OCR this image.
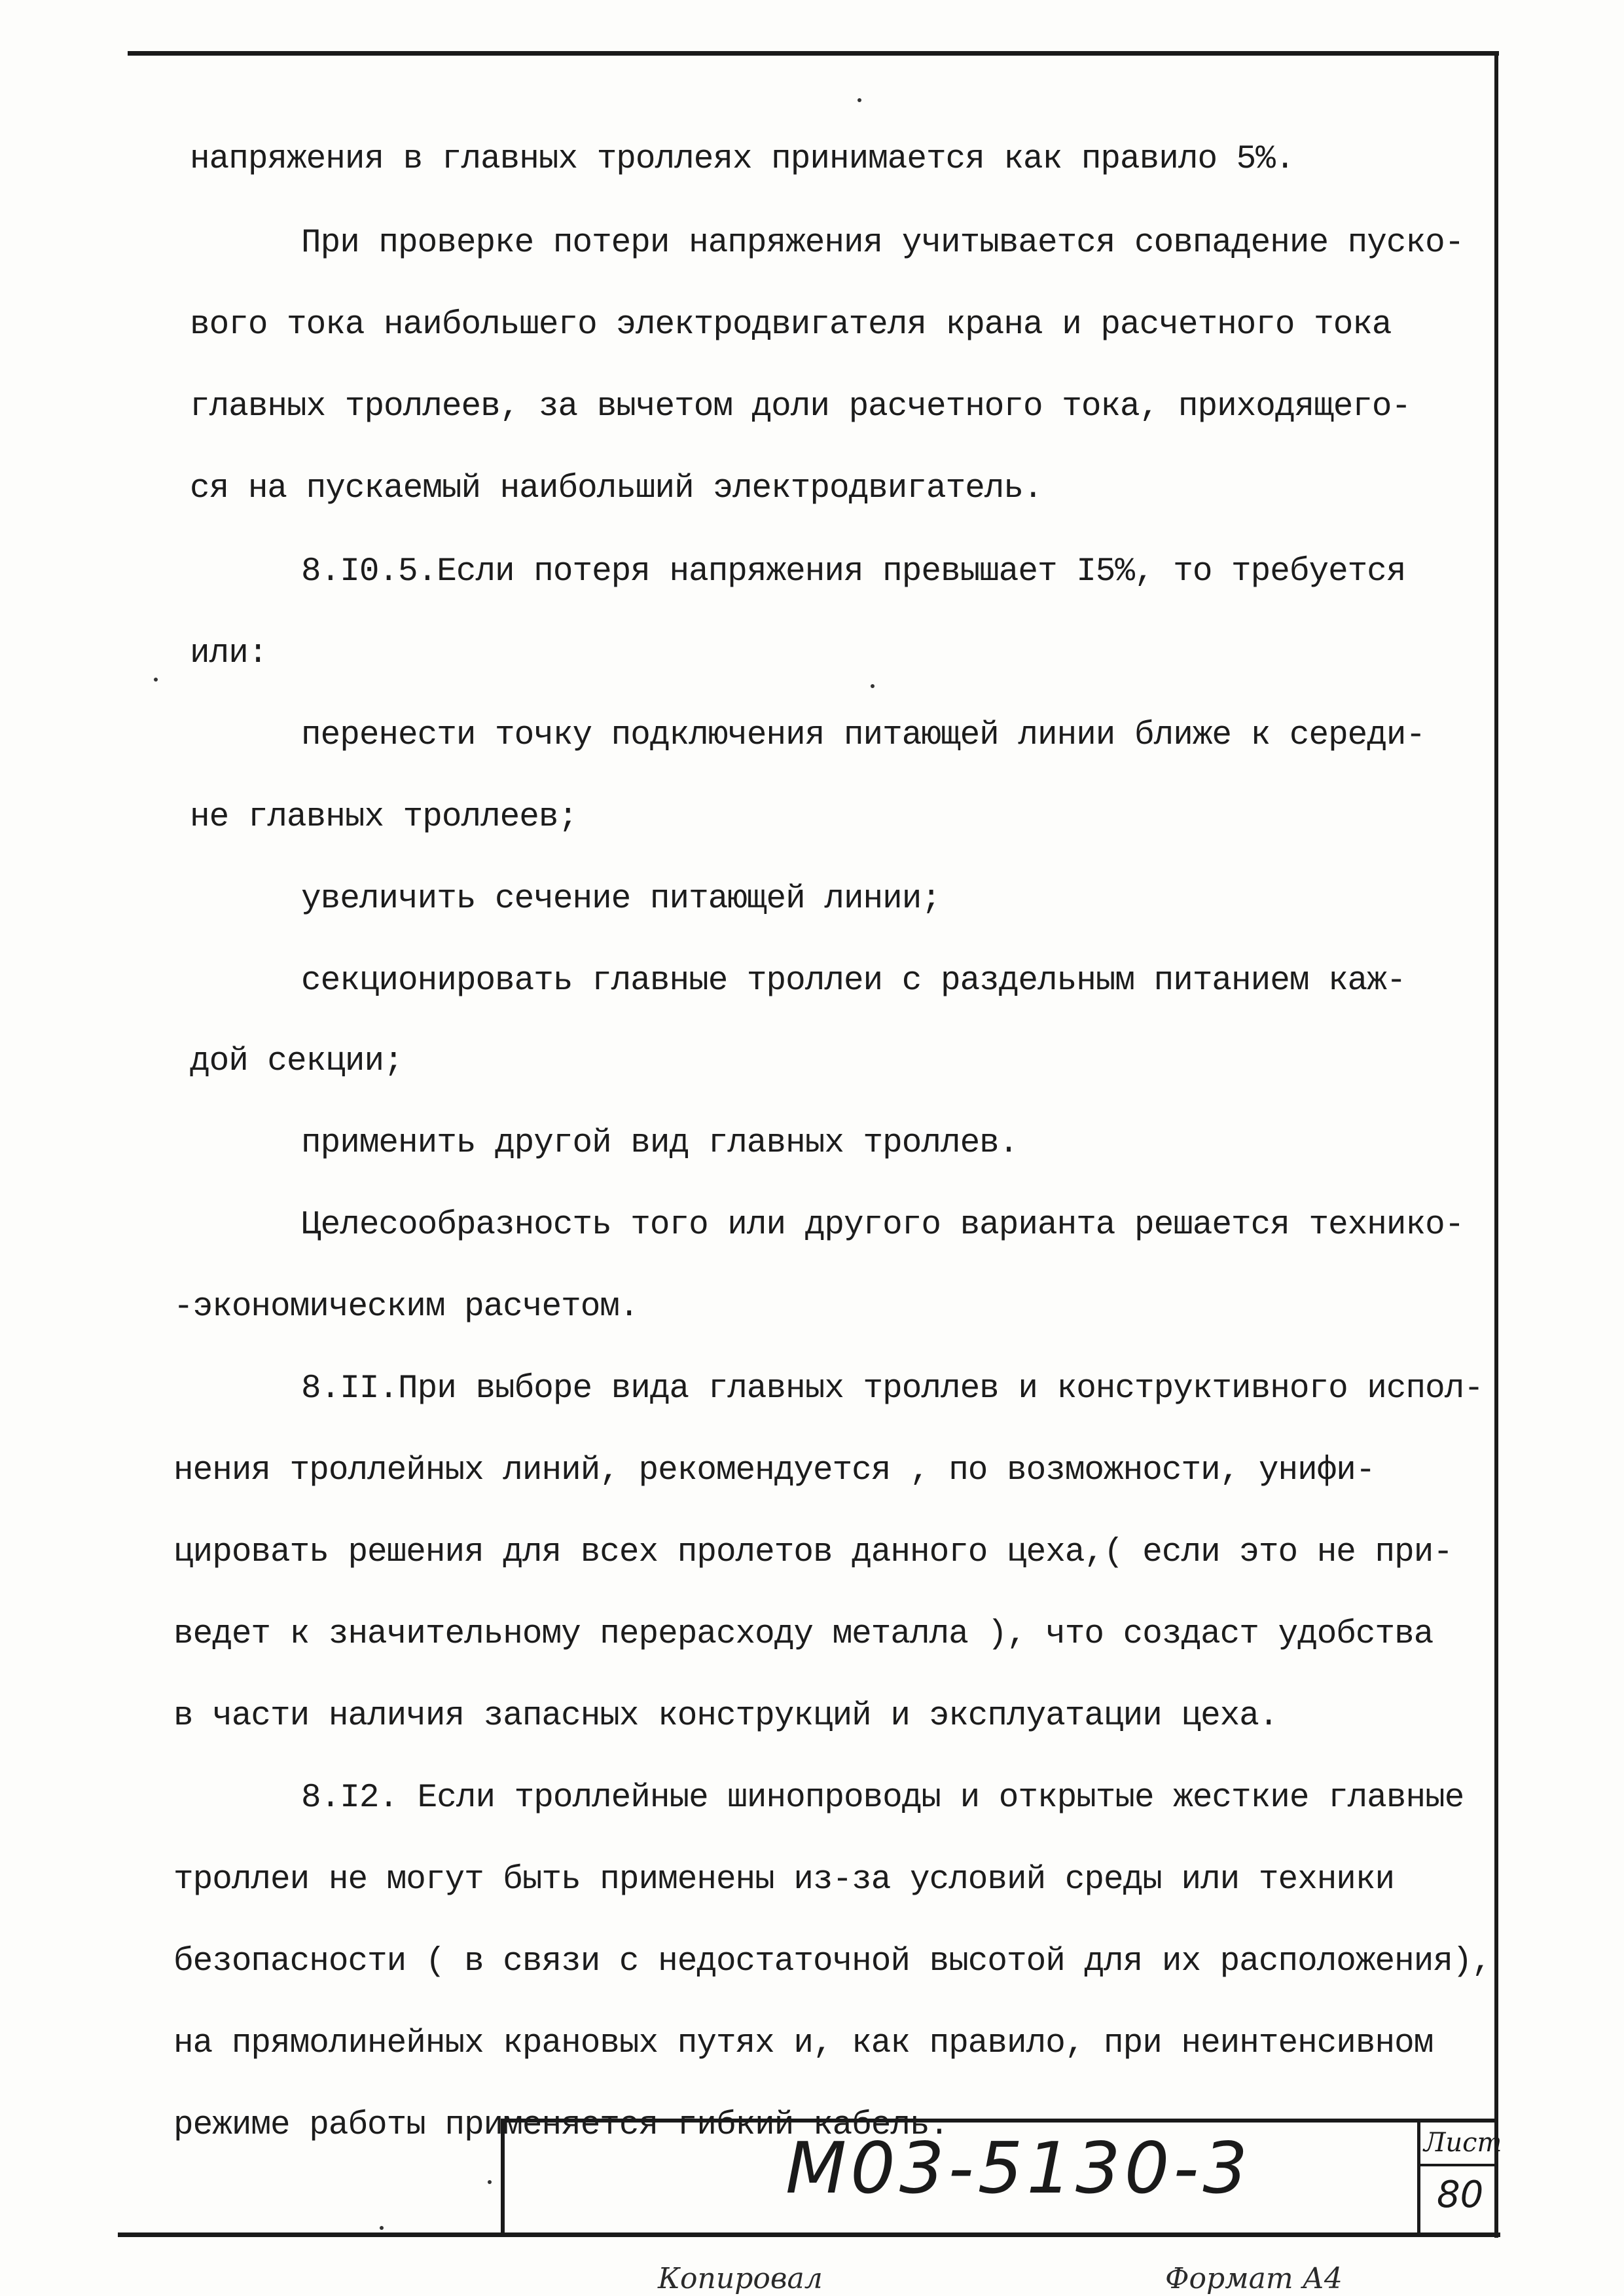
напряжения в главных троллеях принимается как правило 5%.
При проверке потери напряжения учитывается совпадение пуско-
вого тока наибольшего электродвигателя крана и расчетного тока
главных троллеев, за вычетом доли расчетного тока, приходящего-
ся на пускаемый наибольший электродвигатель.
8.I0.5.Если потеря напряжения превышает I5%, то требуется
или:
перенести точку подключения питающей линии ближе к середи-
не главных троллеев;
увеличить сечение питающей линии;
секционировать главные троллеи с раздельным питанием каж-
дой секции;
применить другой вид главных троллев.
Целесообразность того или другого варианта решается технико-
-экономическим расчетом.
8.II.При выборе вида главных троллев и конструктивного испол-
нения троллейных линий, рекомендуется , по возможности, унифи-
цировать решения для всех пролетов данного цеха,( если это не при-
ведет к значительному перерасходу металла ), что создаст удобства
в части наличия запасных конструкций и эксплуатации цеха.
8.I2. Если троллейные шинопроводы и открытые жесткие главные
троллеи не могут быть применены из-за условий среды или техники
безопасности ( в связи с недостаточной высотой для их расположения),
на прямолинейных крановых путях и, как правило, при неинтенсивном
режиме работы применяется гибкий кабель.
М03-5130-3	Лист
80
Копировал	Формат А4
